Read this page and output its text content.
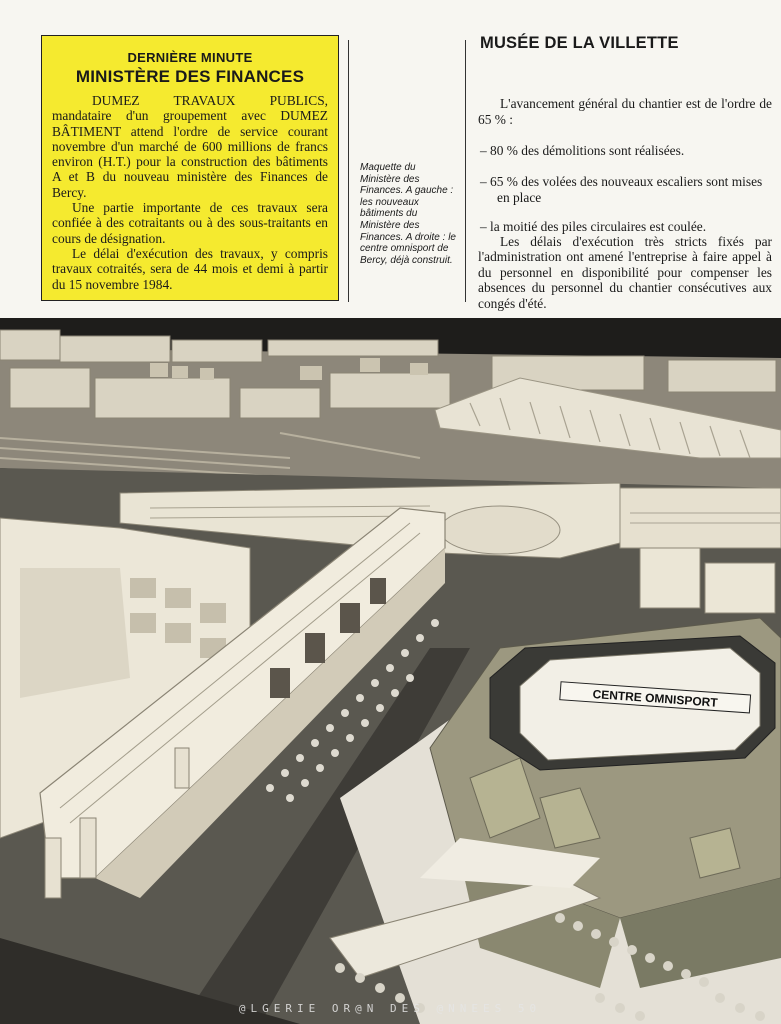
DERNIÈRE MINUTE

MINISTÈRE DES FINANCES

DUMEZ TRAVAUX PUBLICS, mandataire d'un groupement avec DUMEZ BÂTIMENT attend l'ordre de service courant novembre d'un marché de 600 millions de francs environ (H.T.) pour la construction des bâtiments A et B du nouveau ministère des Finances de Bercy.

Une partie importante de ces travaux sera confiée à des cotraitants ou à des sous-traitants en cours de désignation.

Le délai d'exécution des travaux, y compris travaux cotraités, sera de 44 mois et demi à partir du 15 novembre 1984.

Maquette du Ministère des Finances. A gauche : les nouveaux bâtiments du Ministère des Finances. A droite : le centre omnisport de Bercy, déjà construit.

MUSÉE DE LA VILLETTE

L'avancement général du chantier est de l'ordre de 65 % :

– 80 % des démolitions sont réalisées.

– 65 % des volées des nouveaux escaliers sont mises en place

– la moitié des piles circulaires est coulée.

Les délais d'exécution très stricts fixés par l'administration ont amené l'entreprise à faire appel à du personnel en disponibilité pour compenser les absences du personnel du chantier consécutives aux congés d'été.

CENTRE OMNISPORT
@LGERIE OR@N DES @NNEES 50
